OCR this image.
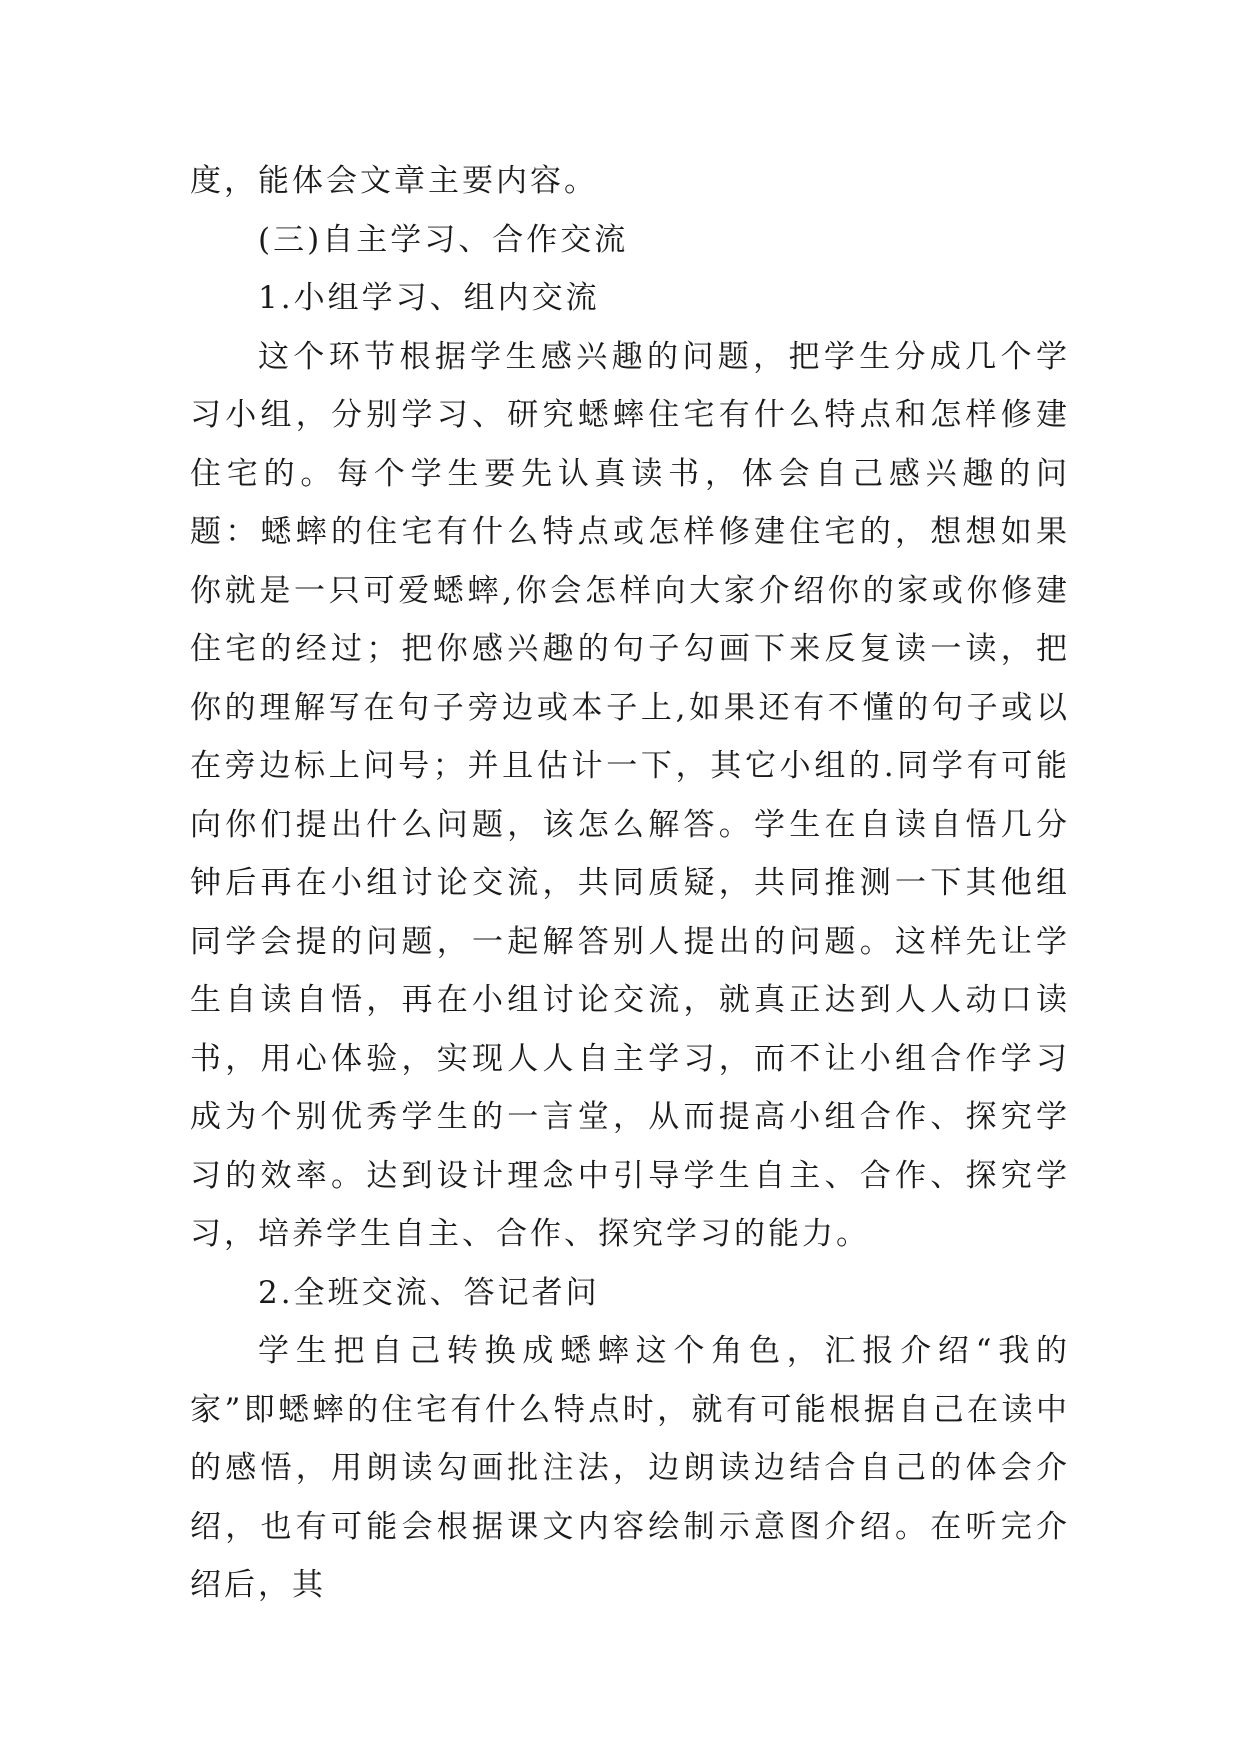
度，能体会文章主要内容。

(三)自主学习、合作交流

1.小组学习、组内交流

这个环节根据学生感兴趣的问题，把学生分成几个学习小组，分别学习、研究蟋蟀住宅有什么特点和怎样修建住宅的。每个学生要先认真读书，体会自己感兴趣的问题：蟋蟀的住宅有什么特点或怎样修建住宅的，想想如果你就是一只可爱蟋蟀,你会怎样向大家介绍你的家或你修建住宅的经过；把你感兴趣的句子勾画下来反复读一读，把你的理解写在句子旁边或本子上,如果还有不懂的句子或以在旁边标上问号；并且估计一下，其它小组的.同学有可能向你们提出什么问题，该怎么解答。学生在自读自悟几分钟后再在小组讨论交流，共同质疑，共同推测一下其他组同学会提的问题，一起解答别人提出的问题。这样先让学生自读自悟，再在小组讨论交流，就真正达到人人动口读书，用心体验，实现人人自主学习，而不让小组合作学习成为个别优秀学生的一言堂，从而提高小组合作、探究学习的效率。达到设计理念中引导学生自主、合作、探究学习，培养学生自主、合作、探究学习的能力。

2.全班交流、答记者问

学生把自己转换成蟋蟀这个角色，汇报介绍“我的家”即蟋蟀的住宅有什么特点时，就有可能根据自己在读中的感悟，用朗读勾画批注法，边朗读边结合自己的体会介绍，也有可能会根据课文内容绘制示意图介绍。在听完介绍后，其
